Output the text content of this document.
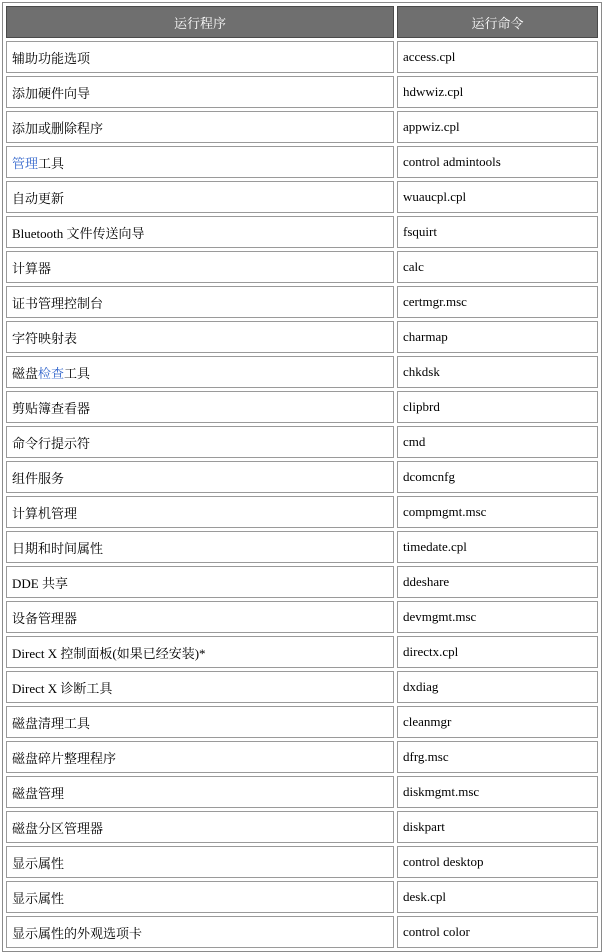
运行程序	运行命令
辅助功能选项	access.cpl
添加硬件向导	hdwwiz.cpl
添加或删除程序	appwiz.cpl
管理工具	control admintools
自动更新	wuaucpl.cpl
Bluetooth 文件传送向导	fsquirt
计算器	calc
证书管理控制台	certmgr.msc
字符映射表	charmap
磁盘检查工具	chkdsk
剪贴簿查看器	clipbrd
命令行提示符	cmd
组件服务	dcomcnfg
计算机管理	compmgmt.msc
日期和时间属性	timedate.cpl
DDE 共享	ddeshare
设备管理器	devmgmt.msc
Direct X 控制面板(如果已经安装)*	directx.cpl
Direct X 诊断工具	dxdiag
磁盘清理工具	cleanmgr
磁盘碎片整理程序	dfrg.msc
磁盘管理	diskmgmt.msc
磁盘分区管理器	diskpart
显示属性	control desktop
显示属性	desk.cpl
显示属性的外观选项卡	control color
